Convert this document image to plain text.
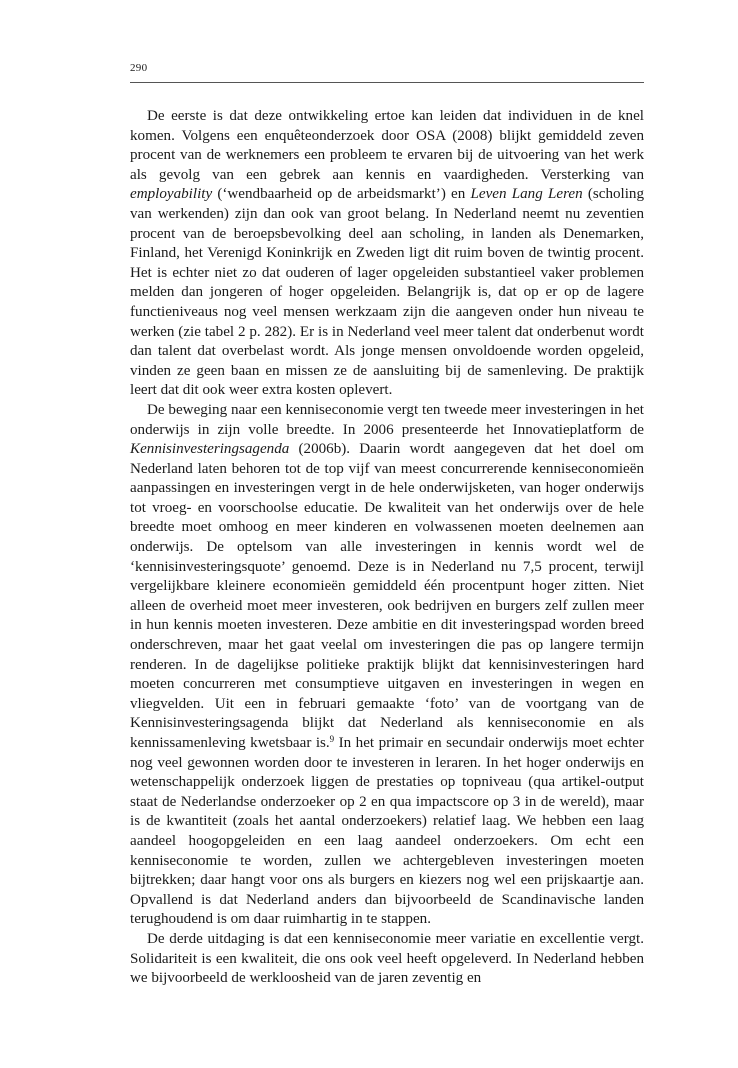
290

De eerste is dat deze ontwikkeling ertoe kan leiden dat individuen in de knel komen. Volgens een enquêteonderzoek door OSA (2008) blijkt gemiddeld zeven procent van de werknemers een probleem te ervaren bij de uitvoering van het werk als gevolg van een gebrek aan kennis en vaardigheden. Versterking van employability (‘wendbaarheid op de arbeidsmarkt’) en Leven Lang Leren (scholing van werkenden) zijn dan ook van groot belang. In Nederland neemt nu zeventien procent van de beroepsbevolking deel aan scholing, in landen als Denemarken, Finland, het Verenigd Koninkrijk en Zweden ligt dit ruim boven de twintig procent. Het is echter niet zo dat ouderen of lager opgeleiden substantieel vaker problemen melden dan jongeren of hoger opgeleiden. Belangrijk is, dat op er op de lagere functieniveaus nog veel mensen werkzaam zijn die aangeven onder hun niveau te werken (zie tabel 2 p. 282). Er is in Nederland veel meer talent dat onderbenut wordt dan talent dat overbelast wordt. Als jonge mensen onvoldoende worden opgeleid, vinden ze geen baan en missen ze de aansluiting bij de samenleving. De praktijk leert dat dit ook weer extra kosten oplevert.

De beweging naar een kenniseconomie vergt ten tweede meer investeringen in het onderwijs in zijn volle breedte. In 2006 presenteerde het Innovatieplatform de Kennisinvesteringsagenda (2006b). Daarin wordt aangegeven dat het doel om Nederland laten behoren tot de top vijf van meest concurrerende kenniseconomieën aanpassingen en investeringen vergt in de hele onderwijsketen, van hoger onderwijs tot vroeg- en voorschoolse educatie. De kwaliteit van het onderwijs over de hele breedte moet omhoog en meer kinderen en volwassenen moeten deelnemen aan onderwijs. De optelsom van alle investeringen in kennis wordt wel de ‘kennisinvesteringsquote’ genoemd. Deze is in Nederland nu 7,5 procent, terwijl vergelijkbare kleinere economieën gemiddeld één procentpunt hoger zitten. Niet alleen de overheid moet meer investeren, ook bedrijven en burgers zelf zullen meer in hun kennis moeten investeren. Deze ambitie en dit investeringspad worden breed onderschreven, maar het gaat veelal om investeringen die pas op langere termijn renderen. In de dagelijkse politieke praktijk blijkt dat kennisinvesteringen hard moeten concurreren met consumptieve uitgaven en investeringen in wegen en vliegvelden. Uit een in februari gemaakte ‘foto’ van de voortgang van de Kennisinvesteringsagenda blijkt dat Nederland als kenniseconomie en als kennissamenleving kwetsbaar is.$^9$ In het primair en secundair onderwijs moet echter nog veel gewonnen worden door te investeren in leraren. In het hoger onderwijs en wetenschappelijk onderzoek liggen de prestaties op topniveau (qua artikel-output staat de Nederlandse onderzoeker op 2 en qua impactscore op 3 in de wereld), maar is de kwantiteit (zoals het aantal onderzoekers) relatief laag. We hebben een laag aandeel hoogopgeleiden en een laag aandeel onderzoekers. Om echt een kenniseconomie te worden, zullen we achtergebleven investeringen moeten bijtrekken; daar hangt voor ons als burgers en kiezers nog wel een prijskaartje aan. Opvallend is dat Nederland anders dan bijvoorbeeld de Scandinavische landen terughoudend is om daar ruimhartig in te stappen.

De derde uitdaging is dat een kenniseconomie meer variatie en excellentie vergt. Solidariteit is een kwaliteit, die ons ook veel heeft opgeleverd. In Nederland hebben we bijvoorbeeld de werkloosheid van de jaren zeventig en
